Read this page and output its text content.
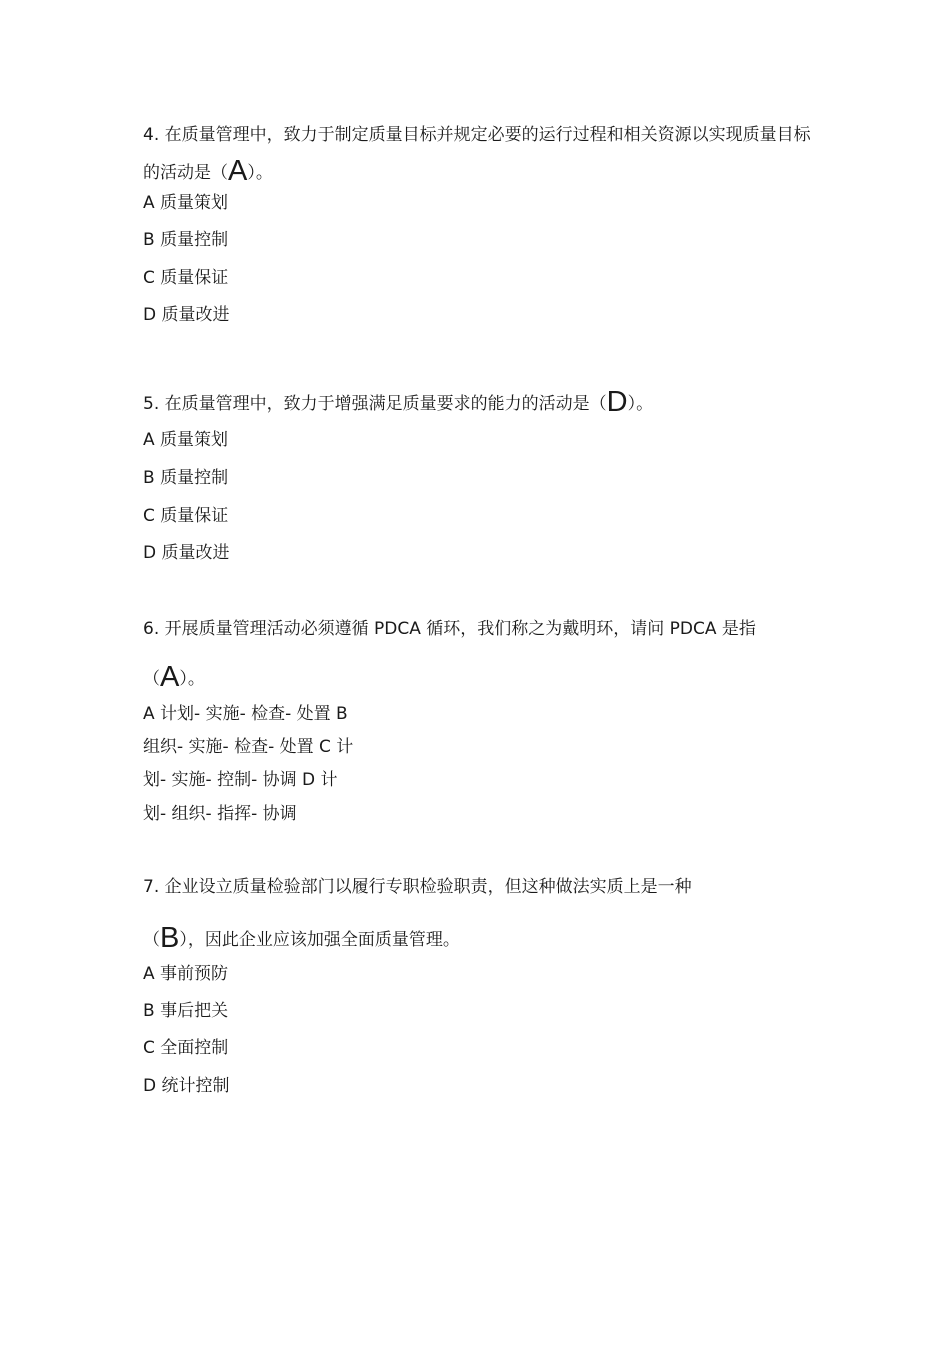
4. 在质量管理中，致力于制定质量目标并规定必要的运行过程和相关资源以实现质量目标
的活动是（A）。
A 质量策划
B 质量控制
C 质量保证
D 质量改进
5. 在质量管理中，致力于增强满足质量要求的能力的活动是（D）。
A 质量策划
B 质量控制
C 质量保证
D 质量改进
6. 开展质量管理活动必须遵循 PDCA 循环，我们称之为戴明环，请问 PDCA 是指
（A）。
A 计划- 实施- 检查- 处置 B
组织- 实施- 检查- 处置 C 计
划- 实施- 控制- 协调 D 计
划- 组织- 指挥- 协调
7. 企业设立质量检验部门以履行专职检验职责，但这种做法实质上是一种
（B），因此企业应该加强全面质量管理。
A 事前预防
B 事后把关
C 全面控制
D 统计控制
